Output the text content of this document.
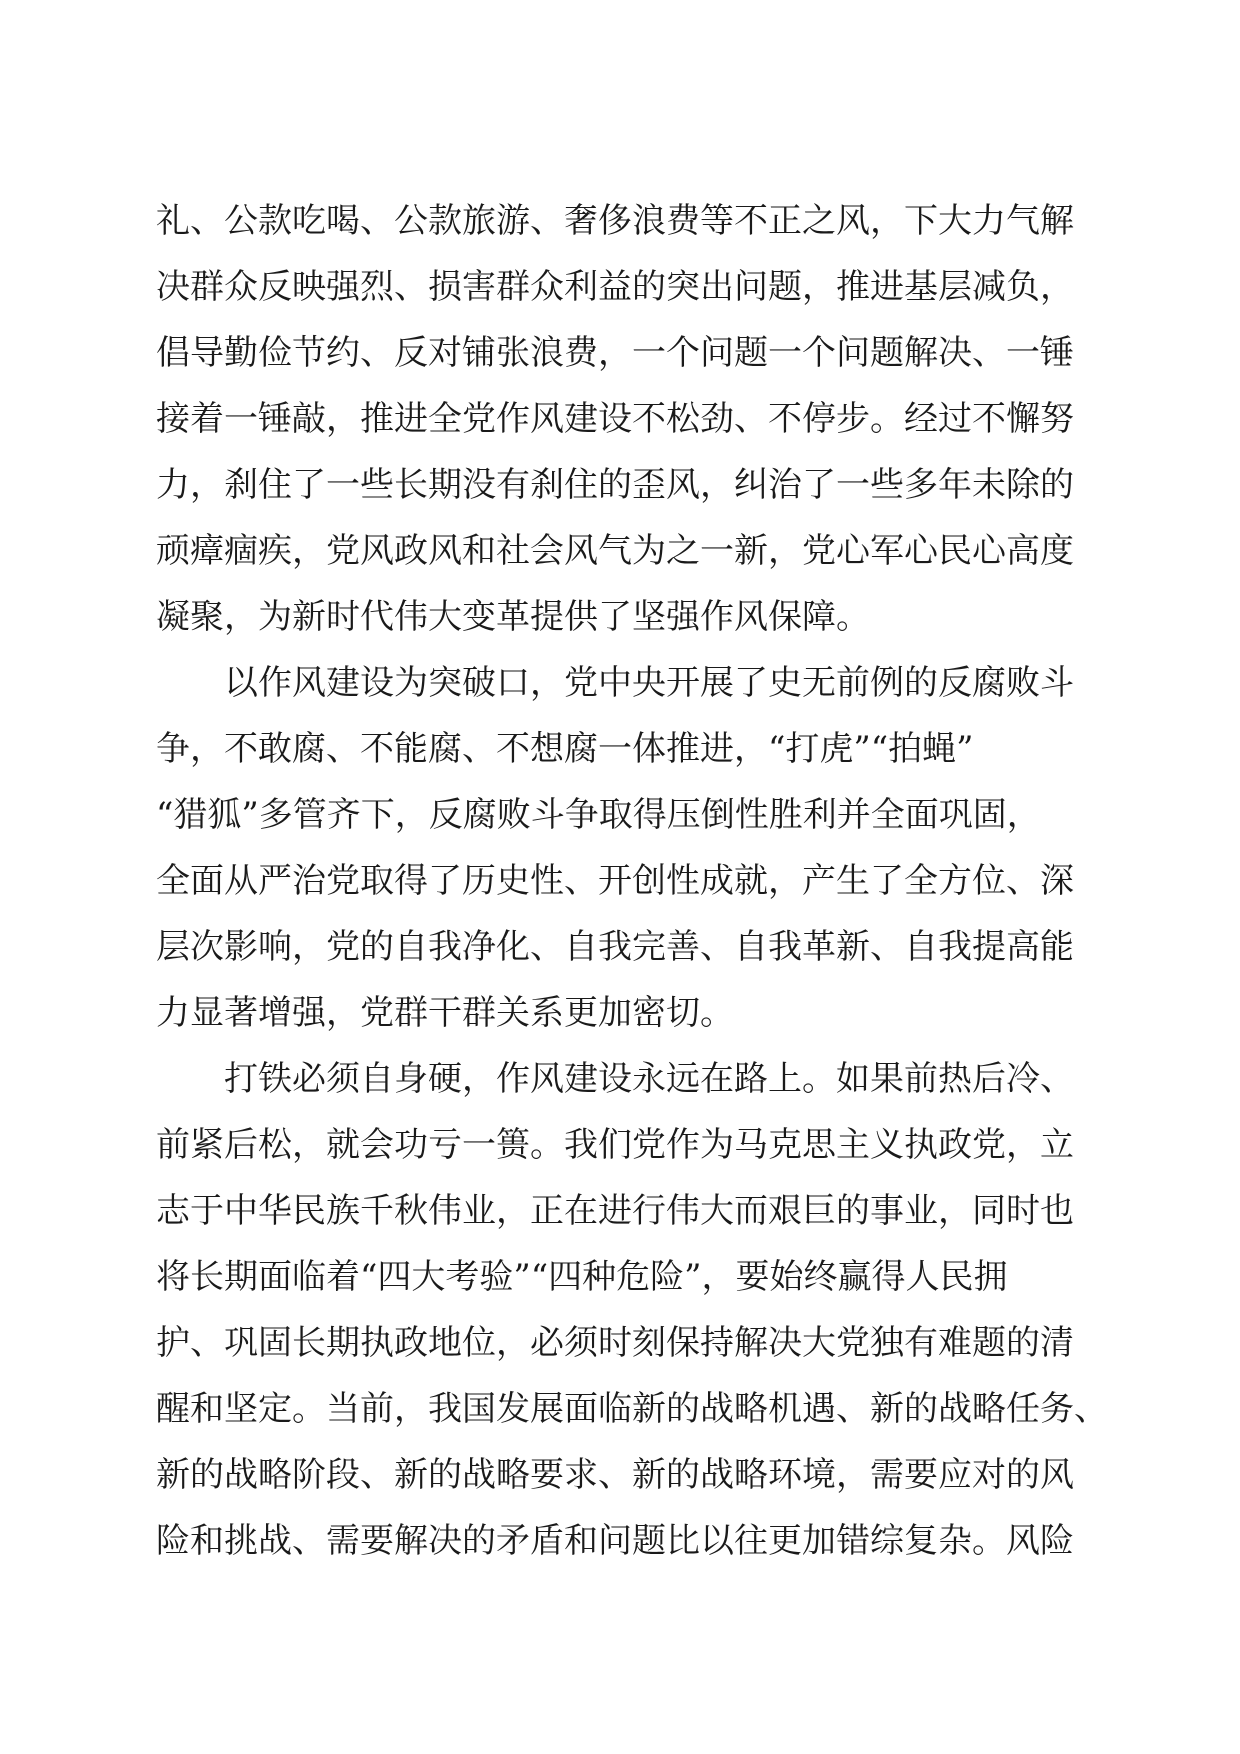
礼、公款吃喝、公款旅游、奢侈浪费等不正之风，下大力气解
决群众反映强烈、损害群众利益的突出问题，推进基层减负，
倡导勤俭节约、反对铺张浪费，一个问题一个问题解决、一锤
接着一锤敲，推进全党作风建设不松劲、不停步。经过不懈努
力，刹住了一些长期没有刹住的歪风，纠治了一些多年未除的
顽瘴痼疾，党风政风和社会风气为之一新，党心军心民心高度
凝聚，为新时代伟大变革提供了坚强作风保障。
以作风建设为突破口，党中央开展了史无前例的反腐败斗
争，不敢腐、不能腐、不想腐一体推进，“打虎”“拍蝇”
“猎狐”多管齐下，反腐败斗争取得压倒性胜利并全面巩固，
全面从严治党取得了历史性、开创性成就，产生了全方位、深
层次影响，党的自我净化、自我完善、自我革新、自我提高能
力显著增强，党群干群关系更加密切。
打铁必须自身硬，作风建设永远在路上。如果前热后冷、
前紧后松，就会功亏一篑。我们党作为马克思主义执政党，立
志于中华民族千秋伟业，正在进行伟大而艰巨的事业，同时也
将长期面临着“四大考验”“四种危险”，要始终赢得人民拥
护、巩固长期执政地位，必须时刻保持解决大党独有难题的清
醒和坚定。当前，我国发展面临新的战略机遇、新的战略任务、
新的战略阶段、新的战略要求、新的战略环境，需要应对的风
险和挑战、需要解决的矛盾和问题比以往更加错综复杂。风险
